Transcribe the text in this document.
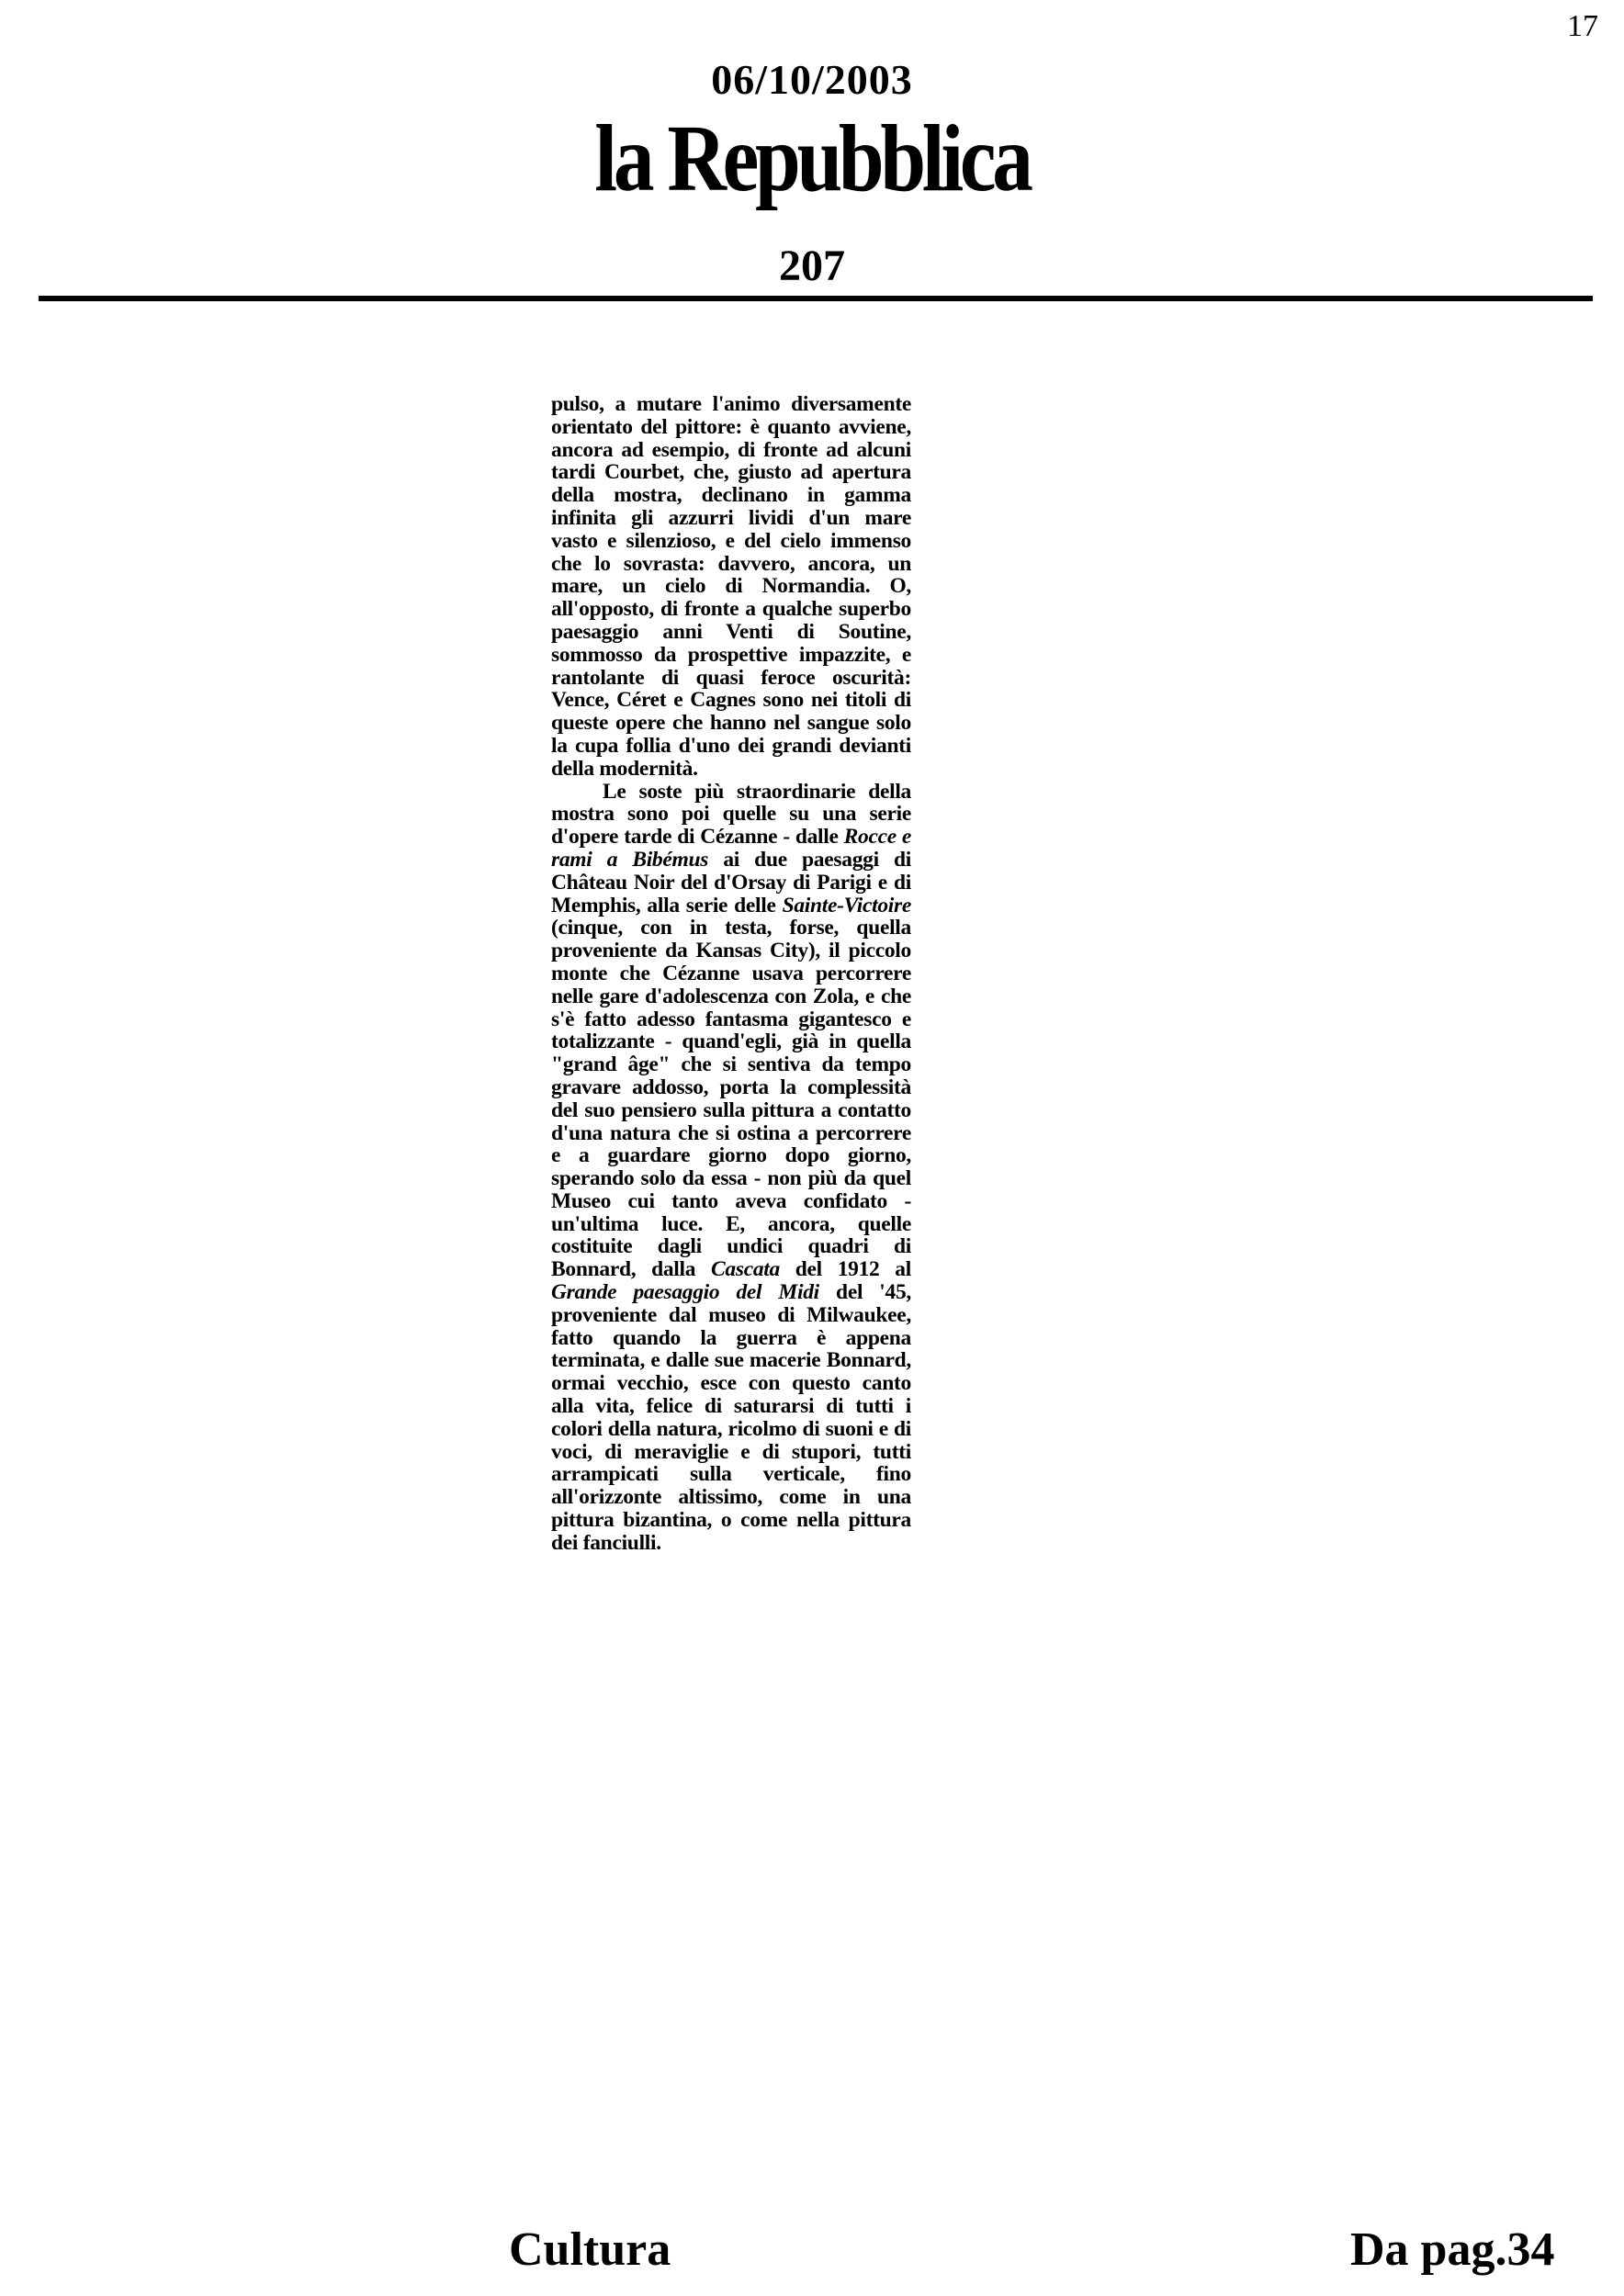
17
06/10/2003
la Repubblica
207

pulso, a mutare l'animo diversamente orientato del pittore: è quanto avviene, ancora ad esempio, di fronte ad alcuni tardi Courbet, che, giusto ad apertura della mostra, declinano in gamma infinita gli azzurri lividi d'un mare vasto e silenzioso, e del cielo immenso che lo sovrasta: davvero, ancora, un mare, un cielo di Normandia. O, all'opposto, di fronte a qualche superbo paesaggio anni Venti di Soutine, sommosso da prospettive impazzite, e rantolante di quasi feroce oscurità: Vence, Céret e Cagnes sono nei titoli di queste opere che hanno nel sangue solo la cupa follia d'uno dei grandi devianti della modernità.

Le soste più straordinarie della mostra sono poi quelle su una serie d'opere tarde di Cézanne - dalle Rocce e rami a Bibémus ai due paesaggi di Château Noir del d'Orsay di Parigi e di Memphis, alla serie delle Sainte-Victoire (cinque, con in testa, forse, quella proveniente da Kansas City), il piccolo monte che Cézanne usava percorrere nelle gare d'adolescenza con Zola, e che s'è fatto adesso fantasma gigantesco e totalizzante - quand'egli, già in quella "grand âge" che si sentiva da tempo gravare addosso, porta la complessità del suo pensiero sulla pittura a contatto d'una natura che si ostina a percorrere e a guardare giorno dopo giorno, sperando solo da essa - non più da quel Museo cui tanto aveva confidato - un'ultima luce. E, ancora, quelle costituite dagli undici quadri di Bonnard, dalla Cascata del 1912 al Grande paesaggio del Midi del '45, proveniente dal museo di Milwaukee, fatto quando la guerra è appena terminata, e dalle sue macerie Bonnard, ormai vecchio, esce con questo canto alla vita, felice di saturarsi di tutti i colori della natura, ricolmo di suoni e di voci, di meraviglie e di stupori, tutti arrampicati sulla verticale, fino all'orizzonte altissimo, come in una pittura bizantina, o come nella pittura dei fanciulli.

Cultura	Da pag.34
